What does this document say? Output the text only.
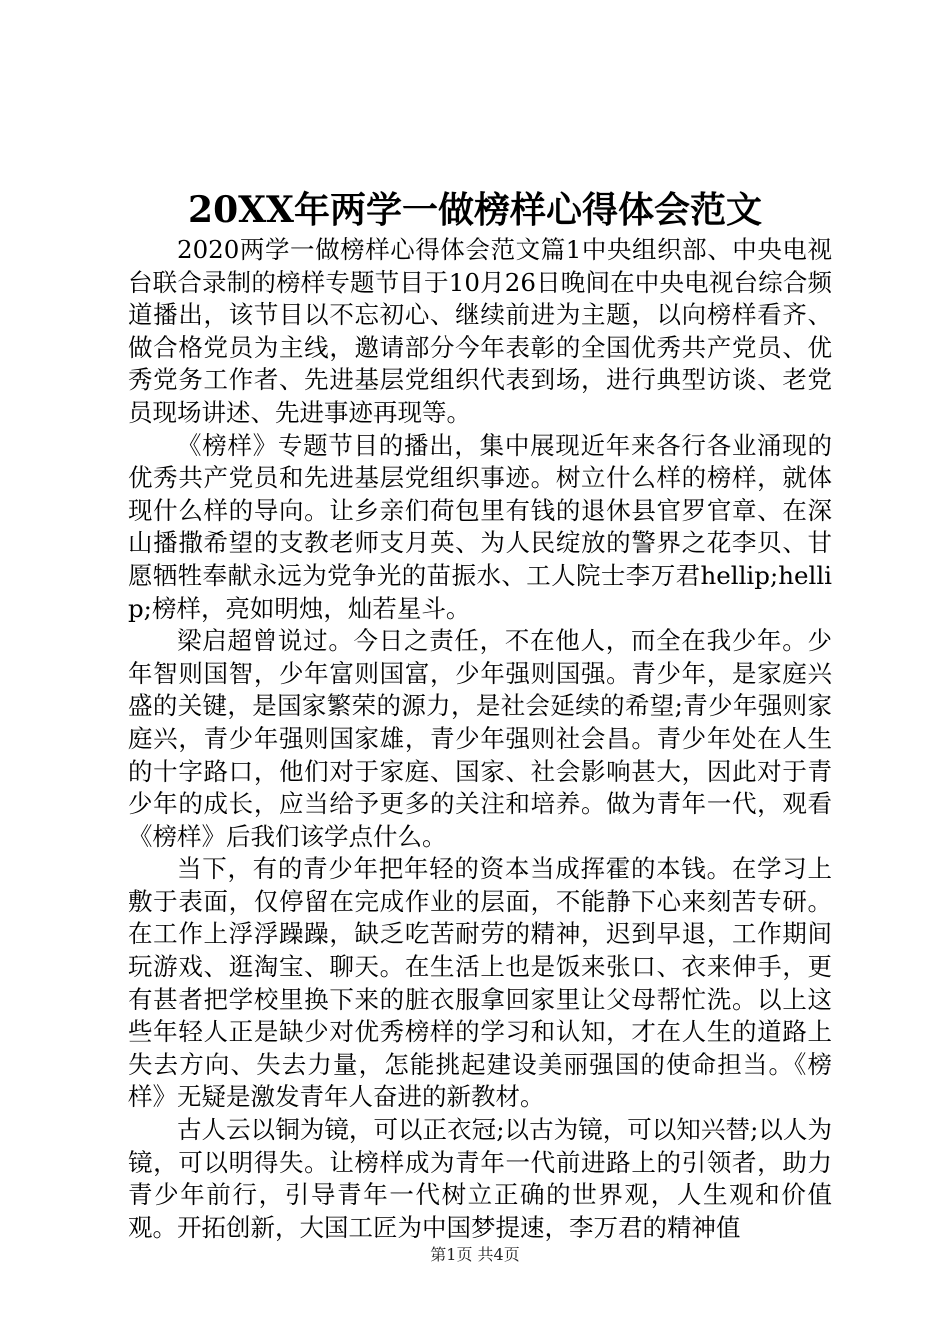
20XX年两学一做榜样心得体会范文

2020两学一做榜样心得体会范文篇1中央组织部、中央电视台联合录制的榜样专题节目于10月26日晚间在中央电视台综合频道播出，该节目以不忘初心、继续前进为主题，以向榜样看齐、做合格党员为主线，邀请部分今年表彰的全国优秀共产党员、优秀党务工作者、先进基层党组织代表到场，进行典型访谈、老党员现场讲述、先进事迹再现等。

《榜样》专题节目的播出，集中展现近年来各行各业涌现的优秀共产党员和先进基层党组织事迹。树立什么样的榜样，就体现什么样的导向。让乡亲们荷包里有钱的退休县官罗官章、在深山播撒希望的支教老师支月英、为人民绽放的警界之花李贝、甘愿牺牲奉献永远为党争光的苗振水、工人院士李万君hellip;hellip;榜样，亮如明烛，灿若星斗。

梁启超曾说过。今日之责任，不在他人，而全在我少年。少年智则国智，少年富则国富，少年强则国强。青少年，是家庭兴盛的关键，是国家繁荣的源力，是社会延续的希望;青少年强则家庭兴，青少年强则国家雄，青少年强则社会昌。青少年处在人生的十字路口，他们对于家庭、国家、社会影响甚大，因此对于青少年的成长，应当给予更多的关注和培养。做为青年一代，观看《榜样》后我们该学点什么。

当下，有的青少年把年轻的资本当成挥霍的本钱。在学习上敷于表面，仅停留在完成作业的层面，不能静下心来刻苦专研。在工作上浮浮躁躁，缺乏吃苦耐劳的精神，迟到早退，工作期间玩游戏、逛淘宝、聊天。在生活上也是饭来张口、衣来伸手，更有甚者把学校里换下来的脏衣服拿回家里让父母帮忙洗。以上这些年轻人正是缺少对优秀榜样的学习和认知，才在人生的道路上失去方向、失去力量，怎能挑起建设美丽强国的使命担当。《榜样》无疑是激发青年人奋进的新教材。

古人云以铜为镜，可以正衣冠;以古为镜，可以知兴替;以人为镜，可以明得失。让榜样成为青年一代前进路上的引领者，助力青少年前行，引导青年一代树立正确的世界观，人生观和价值观。开拓创新，大国工匠为中国梦提速，李万君的精神值

第1页 共4页
